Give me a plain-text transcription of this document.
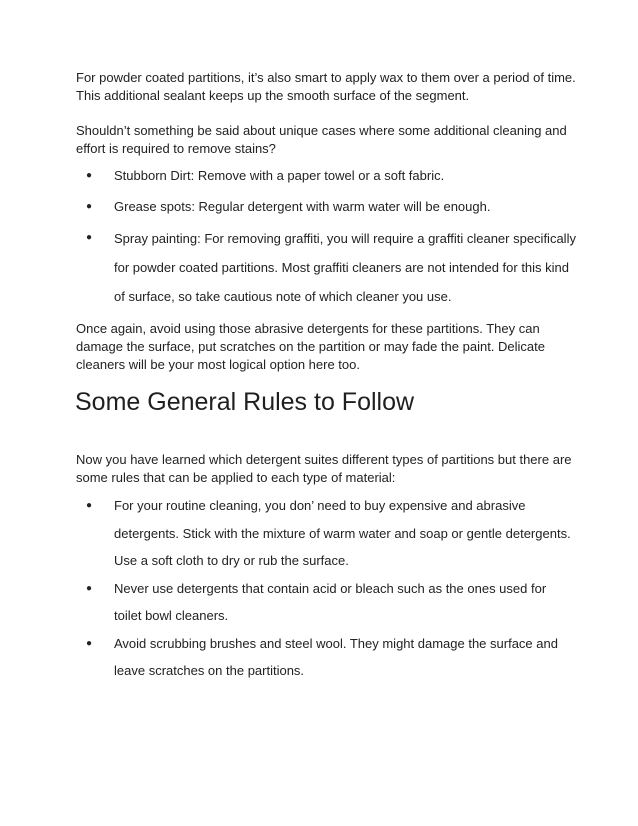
For powder coated partitions, it’s also smart to apply wax to them over a period of time. This additional sealant keeps up the smooth surface of the segment.

Shouldn’t something be said about unique cases where some additional cleaning and effort is required to remove stains?

● Stubborn Dirt: Remove with a paper towel or a soft fabric.
● Grease spots: Regular detergent with warm water will be enough.
● Spray painting: For removing graffiti, you will require a graffiti cleaner specifically for powder coated partitions. Most graffiti cleaners are not intended for this kind of surface, so take cautious note of which cleaner you use.

Once again, avoid using those abrasive detergents for these partitions. They can damage the surface, put scratches on the partition or may fade the paint. Delicate cleaners will be your most logical option here too.

Some General Rules to Follow

Now you have learned which detergent suites different types of partitions but there are some rules that can be applied to each type of material:

● For your routine cleaning, you don’ need to buy expensive and abrasive detergents. Stick with the mixture of warm water and soap or gentle detergents. Use a soft cloth to dry or rub the surface.
● Never use detergents that contain acid or bleach such as the ones used for toilet bowl cleaners.
● Avoid scrubbing brushes and steel wool. They might damage the surface and leave scratches on the partitions.
